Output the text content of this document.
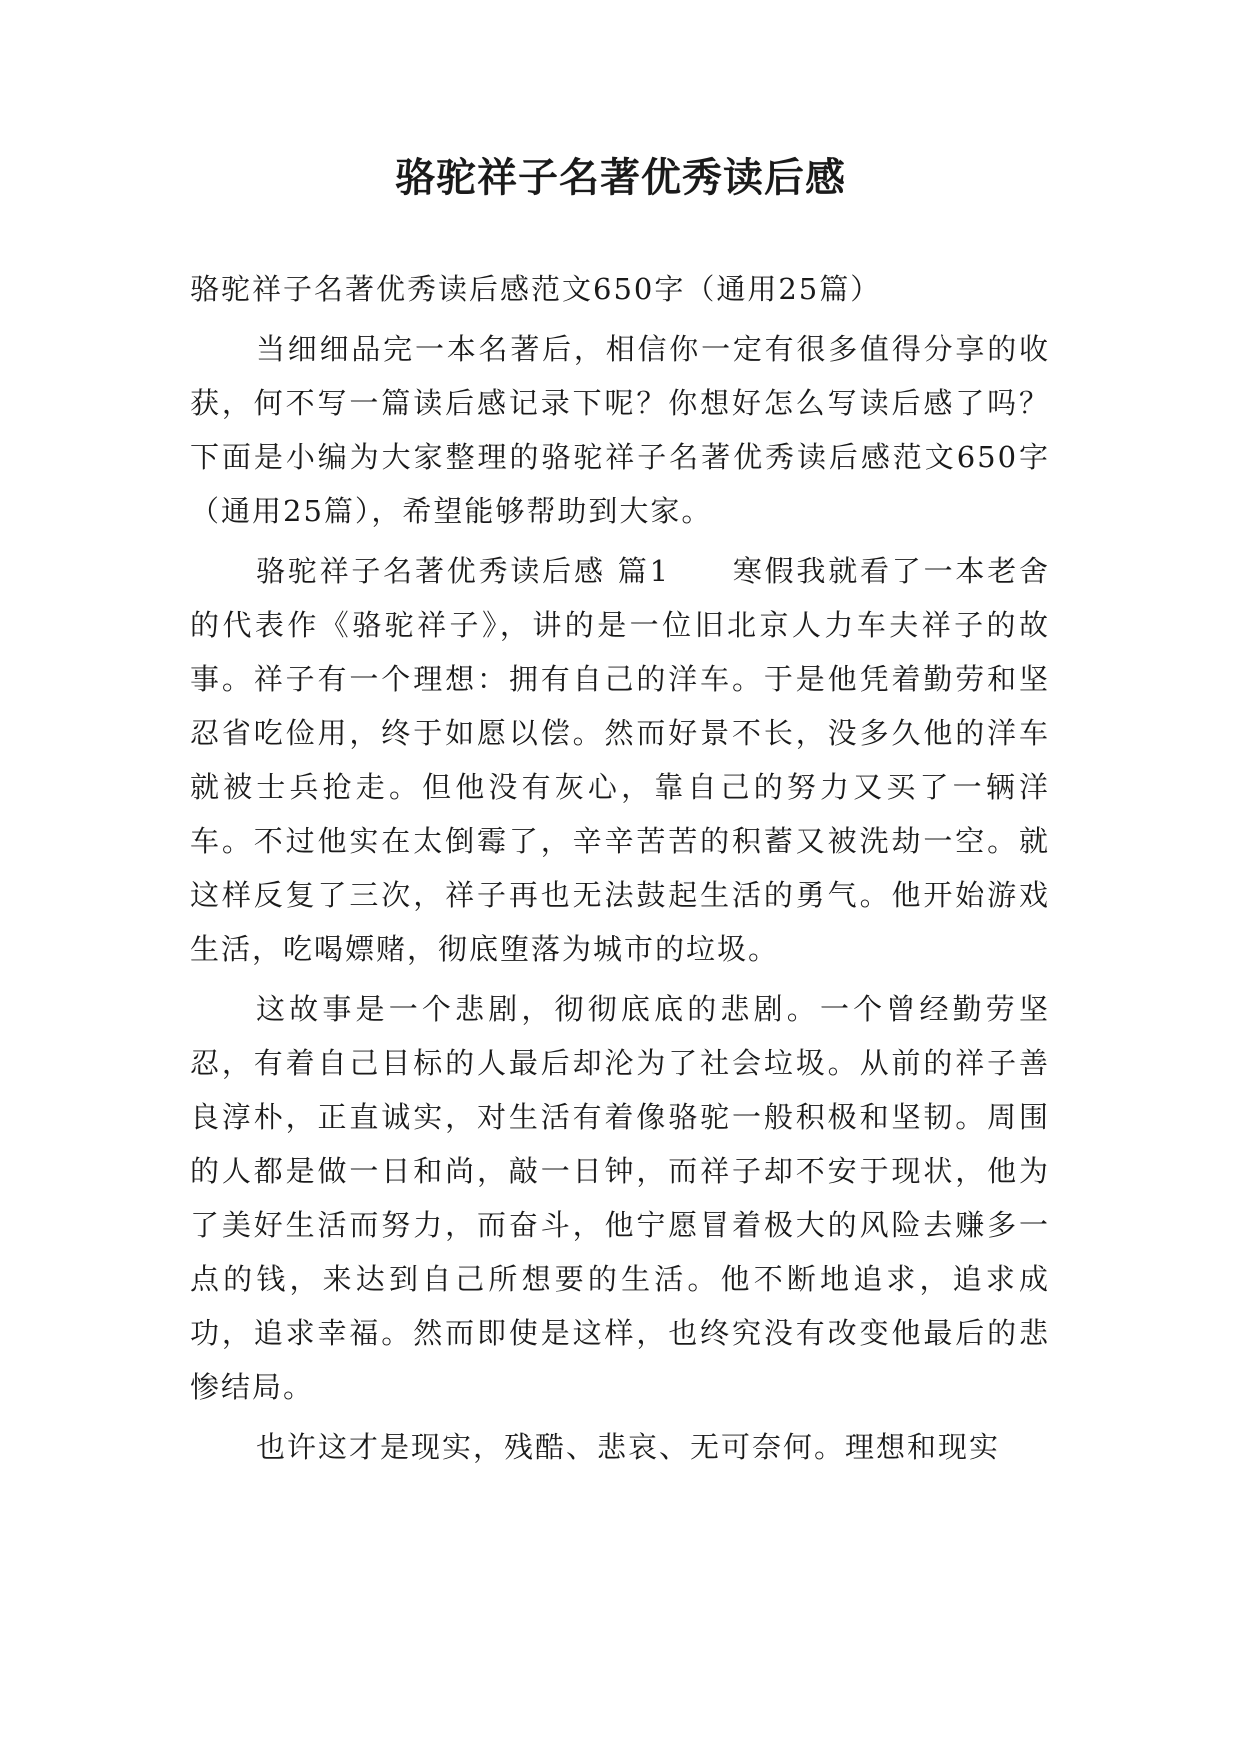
骆驼祥子名著优秀读后感

骆驼祥子名著优秀读后感范文650字（通用25篇）

当细细品完一本名著后，相信你一定有很多值得分享的收获，何不写一篇读后感记录下呢？你想好怎么写读后感了吗？下面是小编为大家整理的骆驼祥子名著优秀读后感范文650字（通用25篇），希望能够帮助到大家。

骆驼祥子名著优秀读后感 篇1 寒假我就看了一本老舍的代表作《骆驼祥子》，讲的是一位旧北京人力车夫祥子的故事。祥子有一个理想：拥有自己的洋车。于是他凭着勤劳和坚忍省吃俭用，终于如愿以偿。然而好景不长，没多久他的洋车就被士兵抢走。但他没有灰心，靠自己的努力又买了一辆洋车。不过他实在太倒霉了，辛辛苦苦的积蓄又被洗劫一空。就这样反复了三次，祥子再也无法鼓起生活的勇气。他开始游戏生活，吃喝嫖赌，彻底堕落为城市的垃圾。

这故事是一个悲剧，彻彻底底的悲剧。一个曾经勤劳坚忍，有着自己目标的人最后却沦为了社会垃圾。从前的祥子善良淳朴，正直诚实，对生活有着像骆驼一般积极和坚韧。周围的人都是做一日和尚，敲一日钟，而祥子却不安于现状，他为了美好生活而努力，而奋斗，他宁愿冒着极大的风险去赚多一点的钱，来达到自己所想要的生活。他不断地追求，追求成功，追求幸福。然而即使是这样，也终究没有改变他最后的悲惨结局。

也许这才是现实，残酷、悲哀、无可奈何。理想和现实
